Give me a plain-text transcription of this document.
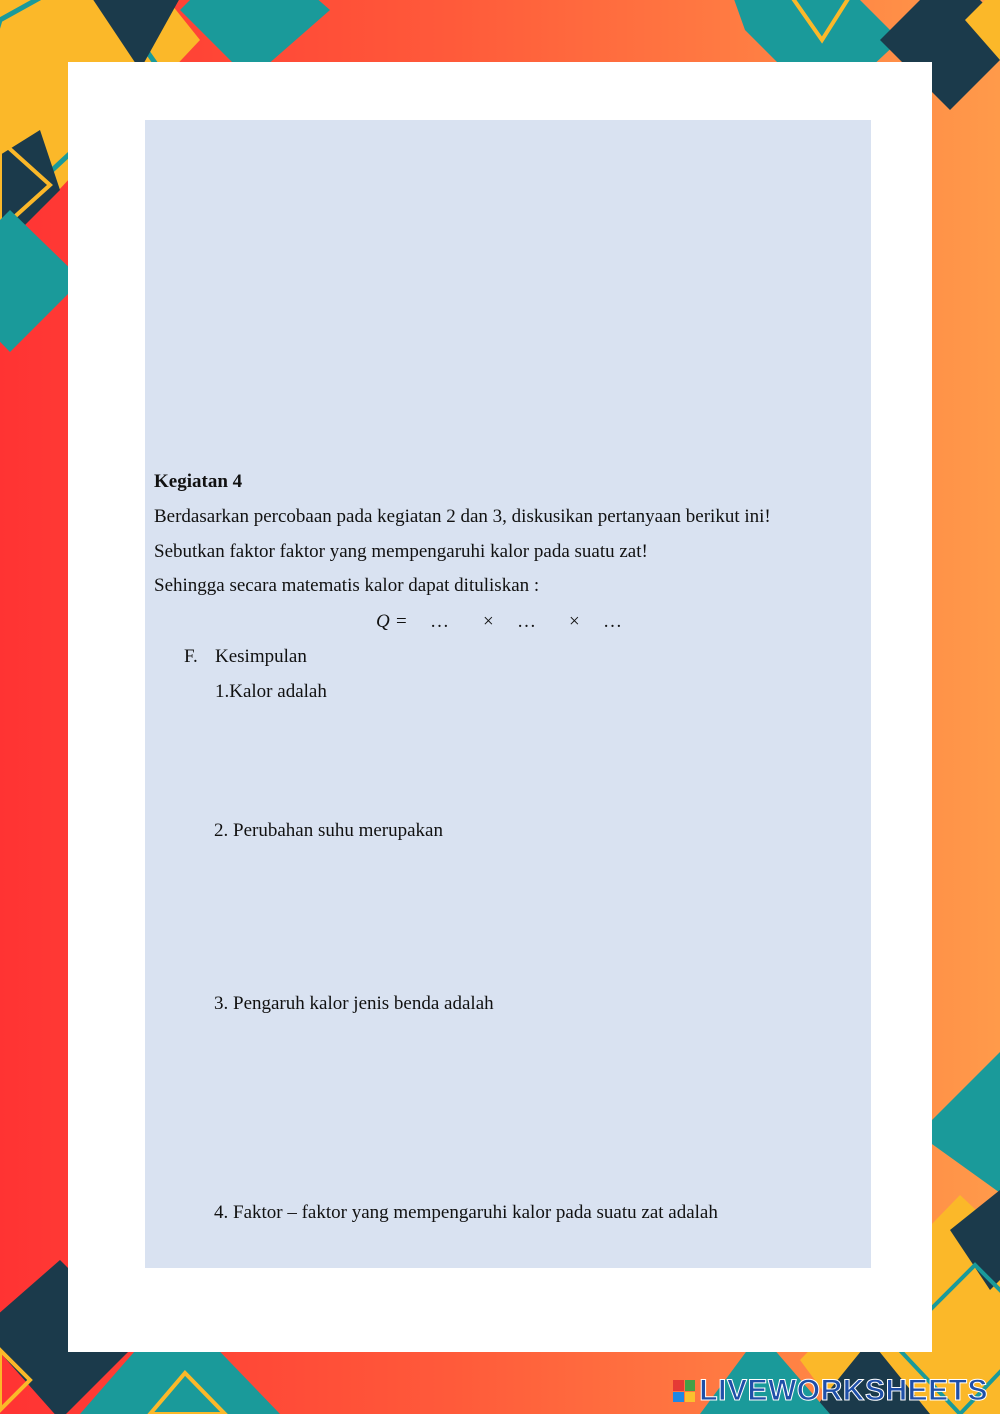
Kegiatan 4
Berdasarkan percobaan pada kegiatan 2 dan 3, diskusikan pertanyaan berikut ini!
Sebutkan faktor faktor yang mempengaruhi kalor pada suatu zat!
Sehingga secara matematis kalor dapat dituliskan :
Q = … × … × …
F. Kesimpulan
1.Kalor adalah
2. Perubahan suhu merupakan
3. Pengaruh kalor jenis benda adalah
4. Faktor – faktor yang mempengaruhi kalor pada suatu zat adalah
LIVEWORKSHEETS
